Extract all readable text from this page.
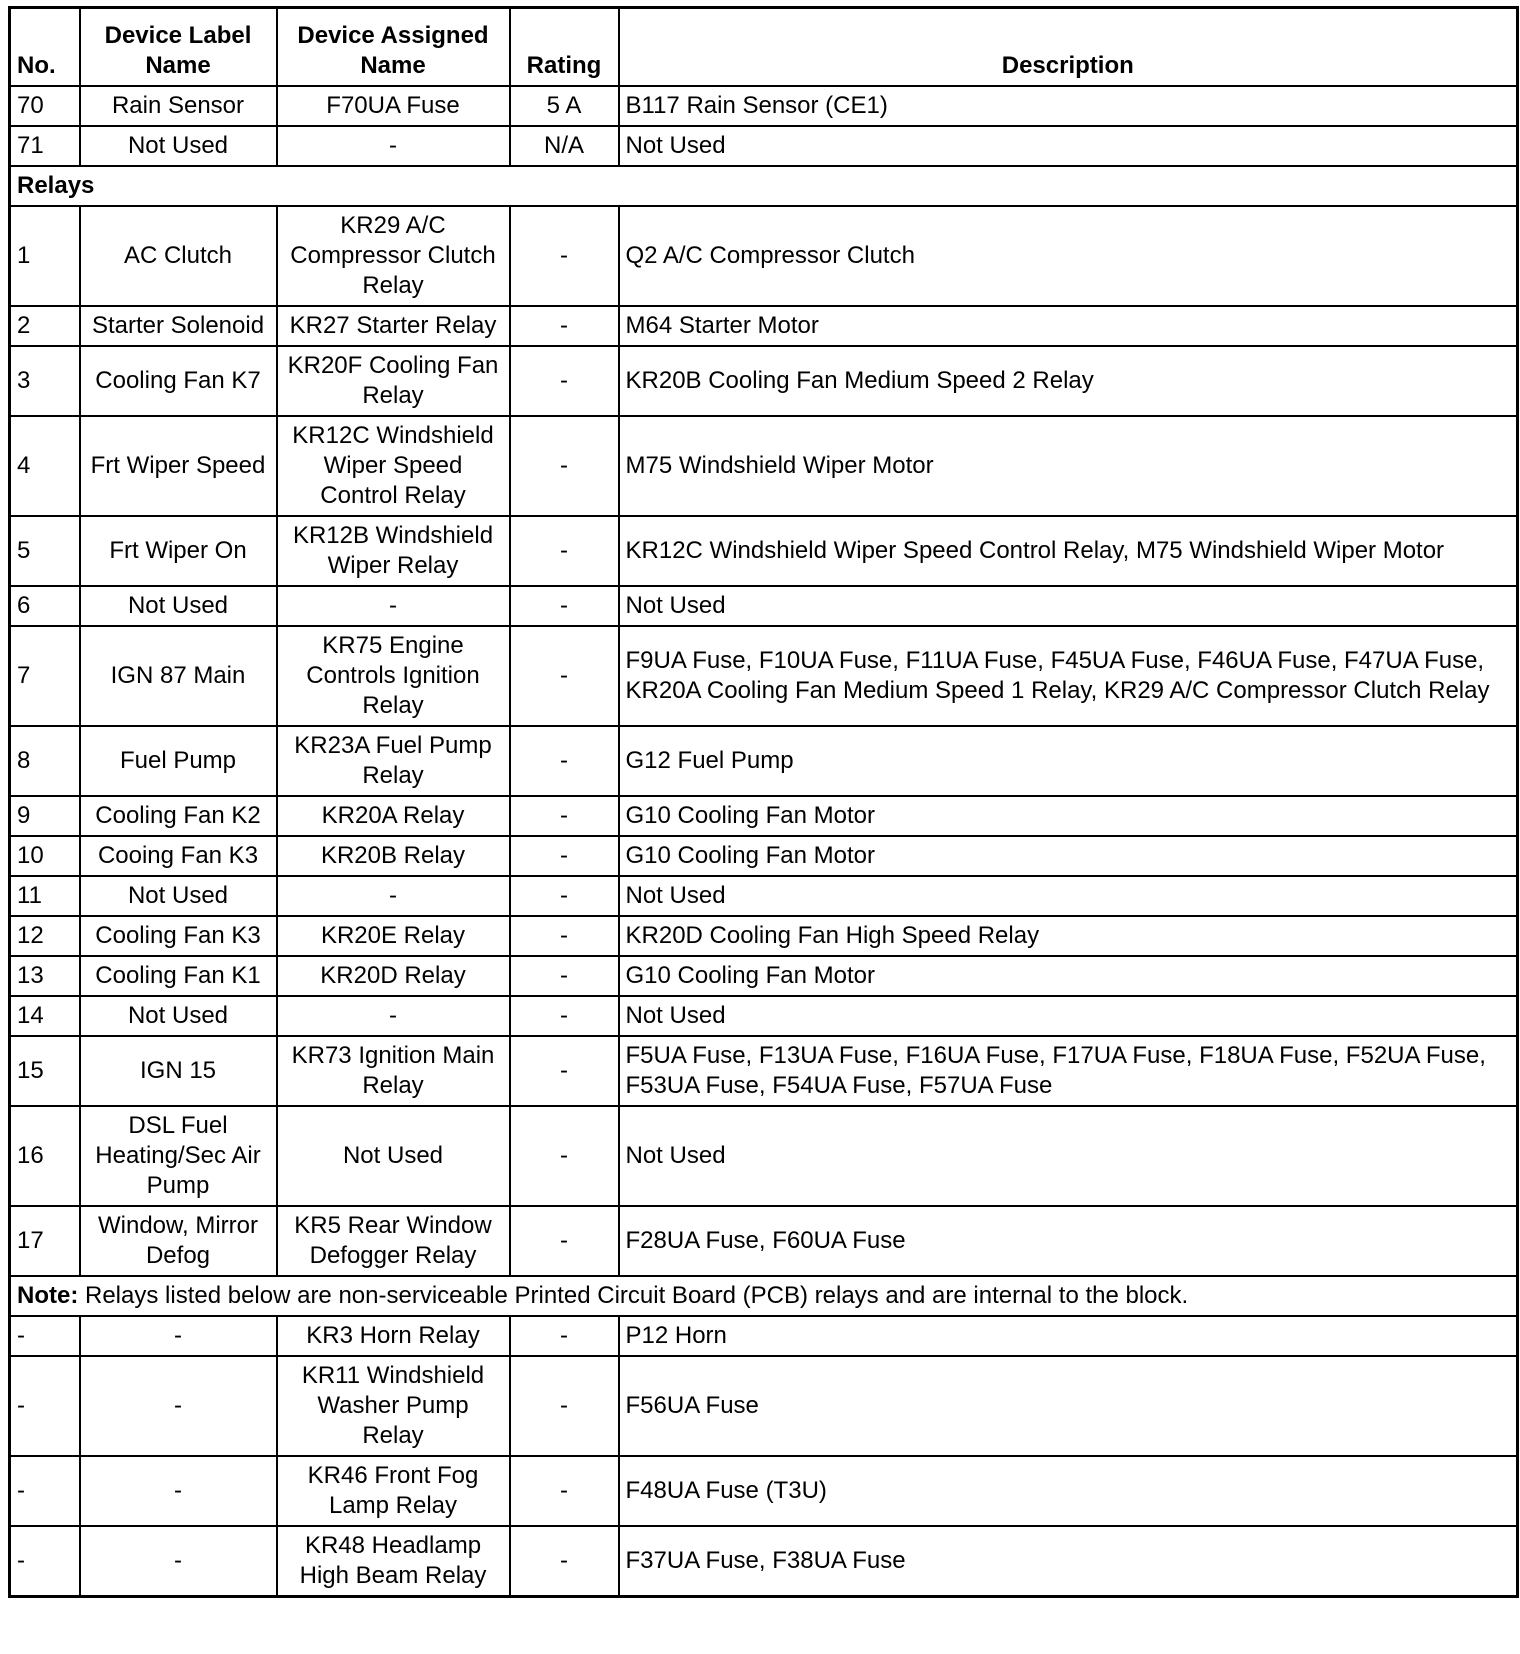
No.	Device Label Name	Device Assigned Name	Rating	Description
70	Rain Sensor	F70UA Fuse	5 A	B117 Rain Sensor (CE1)
71	Not Used	-	N/A	Not Used
Relays				
1	AC Clutch	KR29 A/C Compressor Clutch Relay	-	Q2 A/C Compressor Clutch
2	Starter Solenoid	KR27 Starter Relay	-	M64 Starter Motor
3	Cooling Fan K7	KR20F Cooling Fan Relay	-	KR20B Cooling Fan Medium Speed 2 Relay
4	Frt Wiper Speed	KR12C Windshield Wiper Speed Control Relay	-	M75 Windshield Wiper Motor
5	Frt Wiper On	KR12B Windshield Wiper Relay	-	KR12C Windshield Wiper Speed Control Relay, M75 Windshield Wiper Motor
6	Not Used	-	-	Not Used
7	IGN 87 Main	KR75 Engine Controls Ignition Relay	-	F9UA Fuse, F10UA Fuse, F11UA Fuse, F45UA Fuse, F46UA Fuse, F47UA Fuse, KR20A Cooling Fan Medium Speed 1 Relay, KR29 A/C Compressor Clutch Relay
8	Fuel Pump	KR23A Fuel Pump Relay	-	G12 Fuel Pump
9	Cooling Fan K2	KR20A Relay	-	G10 Cooling Fan Motor
10	Cooing Fan K3	KR20B Relay	-	G10 Cooling Fan Motor
11	Not Used	-	-	Not Used
12	Cooling Fan K3	KR20E Relay	-	KR20D Cooling Fan High Speed Relay
13	Cooling Fan K1	KR20D Relay	-	G10 Cooling Fan Motor
14	Not Used	-	-	Not Used
15	IGN 15	KR73 Ignition Main Relay	-	F5UA Fuse, F13UA Fuse, F16UA Fuse, F17UA Fuse, F18UA Fuse, F52UA Fuse, F53UA Fuse, F54UA Fuse, F57UA Fuse
16	DSL Fuel Heating/Sec Air Pump	Not Used	-	Not Used
17	Window, Mirror Defog	KR5 Rear Window Defogger Relay	-	F28UA Fuse, F60UA Fuse
Note: Relays listed below are non-serviceable Printed Circuit Board (PCB) relays and are internal to the block.				
-	-	KR3 Horn Relay	-	P12 Horn
-	-	KR11 Windshield Washer Pump Relay	-	F56UA Fuse
-	-	KR46 Front Fog Lamp Relay	-	F48UA Fuse (T3U)
-	-	KR48 Headlamp High Beam Relay	-	F37UA Fuse, F38UA Fuse
